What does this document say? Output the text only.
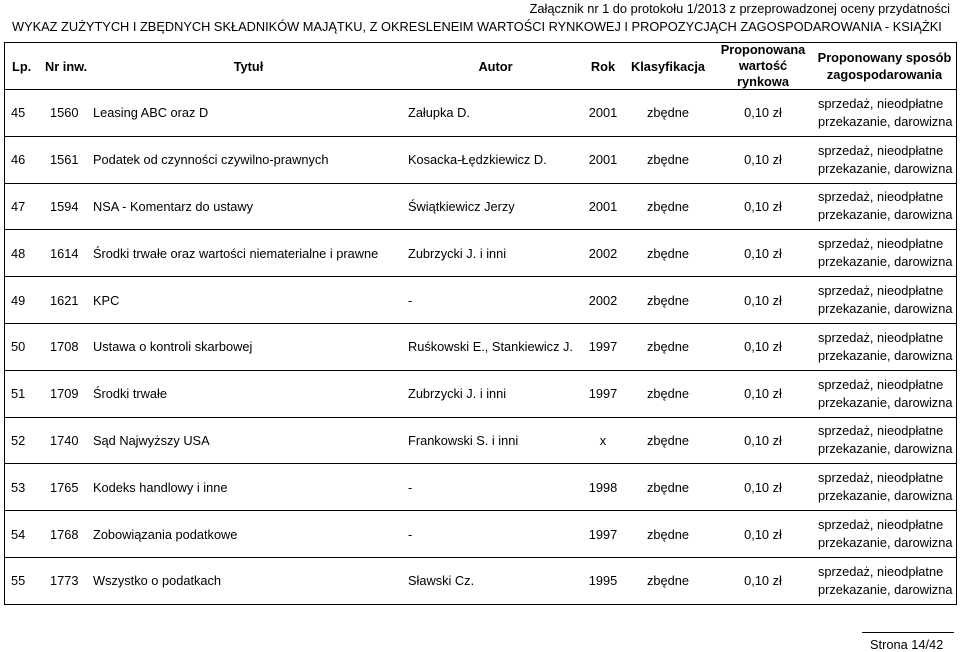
Załącznik nr 1 do protokołu 1/2013 z przeprowadzonej oceny przydatności
WYKAZ ZUŻYTYCH I ZBĘDNYCH SKŁADNIKÓW MAJĄTKU, Z OKRESLENEIM WARTOŚCI RYNKOWEJ I PROPOZYCJĄCH ZAGOSPODAROWANIA - KSIĄŻKI
Lp.	Nr inw.	Tytuł	Autor	Rok	Klasyfikacja
Proponowana
wartość
rynkowa
Proponowany sposób
zagospodarowania
45	1560	Leasing ABC oraz D	Załupka D.	2001	zbędne	0,10 zł
sprzedaż, nieodpłatne
przekazanie, darowizna
46	1561	Podatek od czynności czywilno-prawnych	Kosacka-Łędzkiewicz D.	2001	zbędne	0,10 zł
sprzedaż, nieodpłatne
przekazanie, darowizna
47	1594	NSA - Komentarz do ustawy	Świątkiewicz Jerzy	2001	zbędne	0,10 zł
sprzedaż, nieodpłatne
przekazanie, darowizna
48	1614	Środki trwałe oraz wartości niematerialne i prawne	Zubrzycki J. i inni	2002	zbędne	0,10 zł
sprzedaż, nieodpłatne
przekazanie, darowizna
49	1621	KPC	-	2002	zbędne	0,10 zł
sprzedaż, nieodpłatne
przekazanie, darowizna
50	1708	Ustawa o kontroli skarbowej	Ruśkowski E., Stankiewicz J.	1997	zbędne	0,10 zł
sprzedaż, nieodpłatne
przekazanie, darowizna
51	1709	Środki trwałe	Zubrzycki J. i inni	1997	zbędne	0,10 zł
sprzedaż, nieodpłatne
przekazanie, darowizna
52	1740	Sąd Najwyższy USA	Frankowski S. i inni	x	zbędne	0,10 zł
sprzedaż, nieodpłatne
przekazanie, darowizna
53	1765	Kodeks handlowy i inne	-	1998	zbędne	0,10 zł
sprzedaż, nieodpłatne
przekazanie, darowizna
54	1768	Zobowiązania podatkowe	-	1997	zbędne	0,10 zł
sprzedaż, nieodpłatne
przekazanie, darowizna
55	1773	Wszystko o podatkach	Sławski Cz.	1995	zbędne	0,10 zł
sprzedaż, nieodpłatne
przekazanie, darowizna
Strona 14/42
